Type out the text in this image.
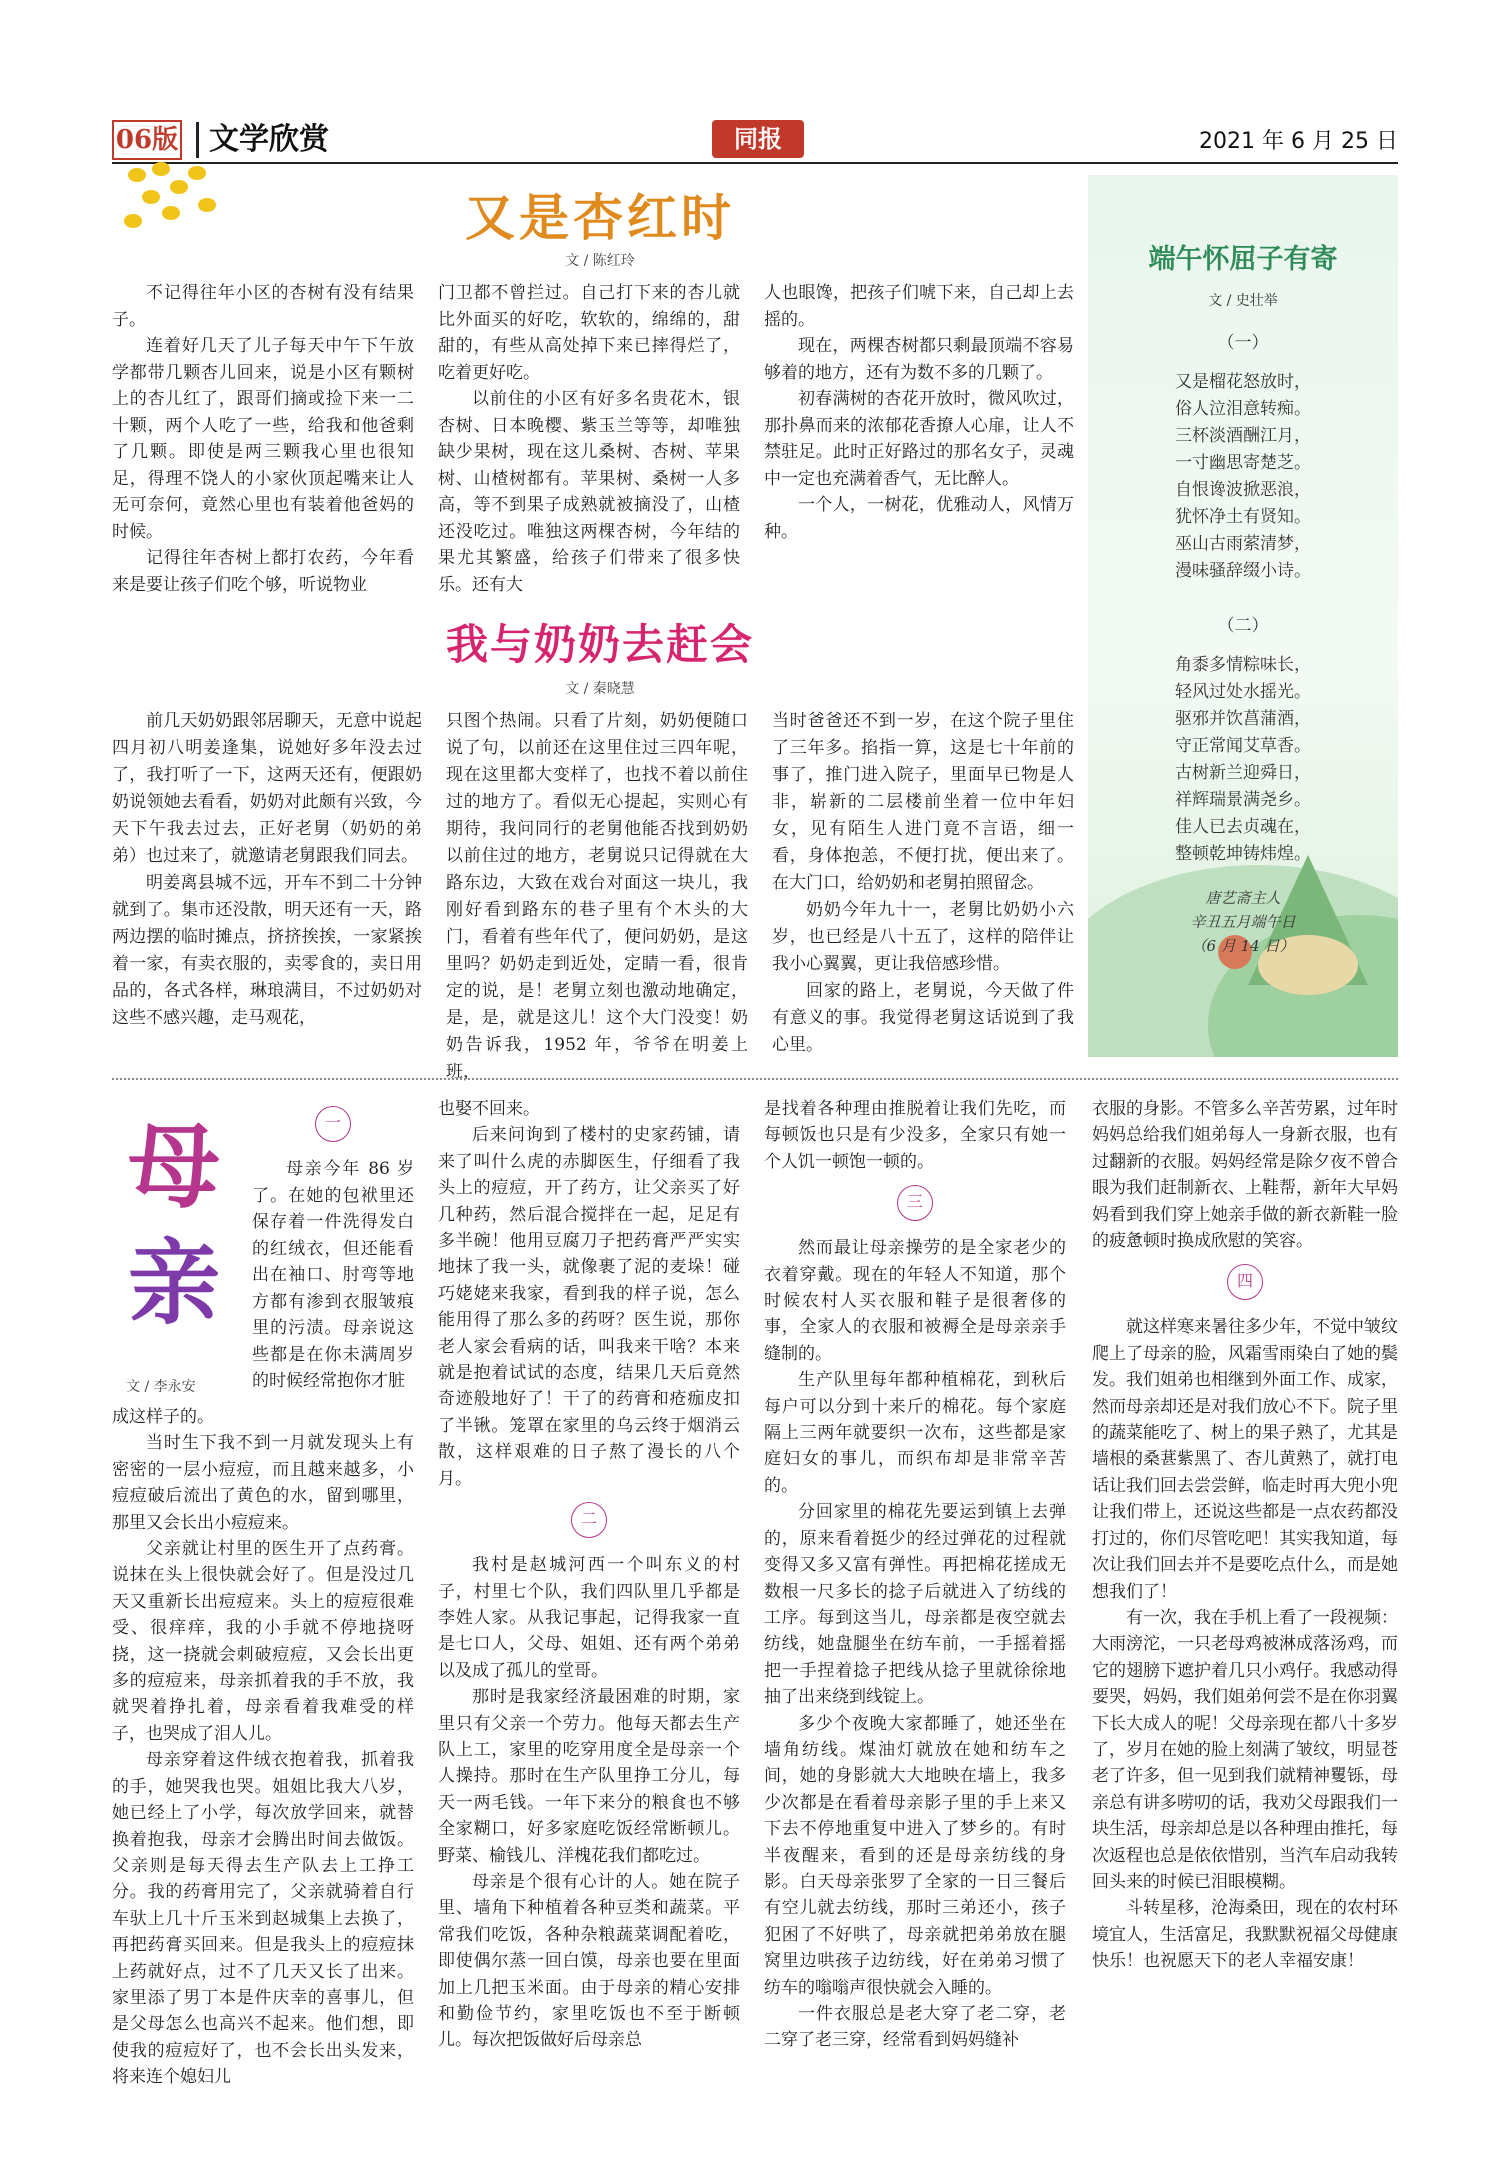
06版	文学欣赏	同报	2021 年 6 月 25 日
又是杏红时
文 / 陈红玲

不记得往年小区的杏树有没有结果子。

连着好几天了儿子每天中午下午放学都带几颗杏儿回来，说是小区有颗树上的杏儿红了，跟哥们摘或捡下来一二十颗，两个人吃了一些，给我和他爸剩了几颗。即使是两三颗我心里也很知足，得理不饶人的小家伙顶起嘴来让人无可奈何，竟然心里也有装着他爸妈的时候。

记得往年杏树上都打农药，今年看来是要让孩子们吃个够，听说物业

门卫都不曾拦过。自己打下来的杏儿就比外面买的好吃，软软的，绵绵的，甜甜的，有些从高处掉下来已摔得烂了，吃着更好吃。

以前住的小区有好多名贵花木，银杏树、日本晚樱、紫玉兰等等，却唯独缺少果树，现在这儿桑树、杏树、苹果树、山楂树都有。苹果树、桑树一人多高，等不到果子成熟就被摘没了，山楂还没吃过。唯独这两棵杏树，今年结的果尤其繁盛，给孩子们带来了很多快乐。还有大

人也眼馋，把孩子们唬下来，自己却上去摇的。

现在，两棵杏树都只剩最顶端不容易够着的地方，还有为数不多的几颗了。

初春满树的杏花开放时，微风吹过，那扑鼻而来的浓郁花香撩人心扉，让人不禁驻足。此时正好路过的那名女子，灵魂中一定也充满着香气，无比醉人。

一个人，一树花，优雅动人，风情万种。

我与奶奶去赶会
文 / 秦晓慧

前几天奶奶跟邻居聊天，无意中说起四月初八明姜逢集，说她好多年没去过了，我打听了一下，这两天还有，便跟奶奶说领她去看看，奶奶对此颇有兴致，今天下午我去过去，正好老舅（奶奶的弟弟）也过来了，就邀请老舅跟我们同去。

明姜离县城不远，开车不到二十分钟就到了。集市还没散，明天还有一天，路两边摆的临时摊点，挤挤挨挨，一家紧挨着一家，有卖衣服的，卖零食的，卖日用品的，各式各样，琳琅满目，不过奶奶对这些不感兴趣，走马观花，

只图个热闹。只看了片刻，奶奶便随口说了句，以前还在这里住过三四年呢，现在这里都大变样了，也找不着以前住过的地方了。看似无心提起，实则心有期待，我问同行的老舅他能否找到奶奶以前住过的地方，老舅说只记得就在大路东边，大致在戏台对面这一块儿，我刚好看到路东的巷子里有个木头的大门，看着有些年代了，便问奶奶，是这里吗？奶奶走到近处，定睛一看，很肯定的说，是！老舅立刻也激动地确定，是，是，就是这儿！这个大门没变！奶奶告诉我，1952 年，爷爷在明姜上班，

当时爸爸还不到一岁，在这个院子里住了三年多。掐指一算，这是七十年前的事了，推门进入院子，里面早已物是人非，崭新的二层楼前坐着一位中年妇女，见有陌生人进门竟不言语，细一看，身体抱恙，不便打扰，便出来了。在大门口，给奶奶和老舅拍照留念。

奶奶今年九十一，老舅比奶奶小六岁，也已经是八十五了，这样的陪伴让我小心翼翼，更让我倍感珍惜。

回家的路上，老舅说，今天做了件有意义的事。我觉得老舅这话说到了我心里。

端午怀屈子有寄
文 / 史壮举
（一）
又是榴花怒放时，
俗人泣泪意转痴。
三杯淡酒酬江月，
一寸幽思寄楚芝。
自恨谗波掀恶浪，
犹怀净土有贤知。
巫山古雨萦清梦，
漫味骚辞缀小诗。
（二）
角黍多情粽味长，
轻风过处水摇光。
驱邪并饮菖蒲酒，
守正常闻艾草香。
古树新兰迎舜日，
祥辉瑞景满尧乡。
佳人已去贞魂在，
整顿乾坤铸炜煌。
唐艺斋主人
辛丑五月端午日
（6 月 14 日）
母
亲
文 / 李永安
一
母亲今年 86 岁了。在她的包袱里还保存着一件洗得发白的红绒衣，但还能看出在袖口、肘弯等地方都有渗到衣服皱痕里的污渍。母亲说这些都是在你未满周岁的时候经常抱你才脏

成这样子的。

当时生下我不到一月就发现头上有密密的一层小痘痘，而且越来越多，小痘痘破后流出了黄色的水，留到哪里，那里又会长出小痘痘来。

父亲就让村里的医生开了点药膏。说抹在头上很快就会好了。但是没过几天又重新长出痘痘来。头上的痘痘很难受、很痒痒，我的小手就不停地挠呀挠，这一挠就会刺破痘痘，又会长出更多的痘痘来，母亲抓着我的手不放，我就哭着挣扎着，母亲看着我难受的样子，也哭成了泪人儿。

母亲穿着这件绒衣抱着我，抓着我的手，她哭我也哭。姐姐比我大八岁，她已经上了小学，每次放学回来，就替换着抱我，母亲才会腾出时间去做饭。父亲则是每天得去生产队去上工挣工分。我的药膏用完了，父亲就骑着自行车驮上几十斤玉米到赵城集上去换了，再把药膏买回来。但是我头上的痘痘抹上药就好点，过不了几天又长了出来。家里添了男丁本是件庆幸的喜事儿，但是父母怎么也高兴不起来。他们想，即使我的痘痘好了，也不会长出头发来，将来连个媳妇儿

也娶不回来。

后来问询到了楼村的史家药铺，请来了叫什么虎的赤脚医生，仔细看了我头上的痘痘，开了药方，让父亲买了好几种药，然后混合搅拌在一起，足足有多半碗！他用豆腐刀子把药膏严严实实地抹了我一头，就像裹了泥的麦垛！碰巧姥姥来我家，看到我的样子说，怎么能用得了那么多的药呀？医生说，那你老人家会看病的话，叫我来干啥？本来就是抱着试试的态度，结果几天后竟然奇迹般地好了！干了的药膏和疮痂皮扣了半锹。笼罩在家里的乌云终于烟消云散，这样艰难的日子熬了漫长的八个月。

二

我村是赵城河西一个叫东义的村子，村里七个队，我们四队里几乎都是李姓人家。从我记事起，记得我家一直是七口人，父母、姐姐、还有两个弟弟以及成了孤儿的堂哥。

那时是我家经济最困难的时期，家里只有父亲一个劳力。他每天都去生产队上工，家里的吃穿用度全是母亲一个人操持。那时在生产队里挣工分儿，每天一两毛钱。一年下来分的粮食也不够全家糊口，好多家庭吃饭经常断顿儿。野菜、榆钱儿、洋槐花我们都吃过。

母亲是个很有心计的人。她在院子里、墙角下种植着各种豆类和蔬菜。平常我们吃饭，各种杂粮蔬菜调配着吃，即使偶尔蒸一回白馍，母亲也要在里面加上几把玉米面。由于母亲的精心安排和勤俭节约，家里吃饭也不至于断顿儿。每次把饭做好后母亲总

是找着各种理由推脱着让我们先吃，而每顿饭也只是有少没多，全家只有她一个人饥一顿饱一顿的。

三

然而最让母亲操劳的是全家老少的衣着穿戴。现在的年轻人不知道，那个时候农村人买衣服和鞋子是很奢侈的事，全家人的衣服和被褥全是母亲亲手缝制的。

生产队里每年都种植棉花，到秋后每户可以分到十来斤的棉花。每个家庭隔上三两年就要织一次布，这些都是家庭妇女的事儿，而织布却是非常辛苦的。

分回家里的棉花先要运到镇上去弹的，原来看着挺少的经过弹花的过程就变得又多又富有弹性。再把棉花搓成无数根一尺多长的捻子后就进入了纺线的工序。每到这当儿，母亲都是夜空就去纺线，她盘腿坐在纺车前，一手摇着摇把一手捏着捻子把线从捻子里就徐徐地抽了出来绕到线锭上。

多少个夜晚大家都睡了，她还坐在墙角纺线。煤油灯就放在她和纺车之间，她的身影就大大地映在墙上，我多少次都是在看着母亲影子里的手上来又下去不停地重复中进入了梦乡的。有时半夜醒来，看到的还是母亲纺线的身影。白天母亲张罗了全家的一日三餐后有空儿就去纺线，那时三弟还小，孩子犯困了不好哄了，母亲就把弟弟放在腿窝里边哄孩子边纺线，好在弟弟习惯了纺车的嗡嗡声很快就会入睡的。

一件衣服总是老大穿了老二穿，老二穿了老三穿，经常看到妈妈缝补

衣服的身影。不管多么辛苦劳累，过年时妈妈总给我们姐弟每人一身新衣服，也有过翻新的衣服。妈妈经常是除夕夜不曾合眼为我们赶制新衣、上鞋帮，新年大早妈妈看到我们穿上她亲手做的新衣新鞋一脸的疲惫顿时换成欣慰的笑容。

四

就这样寒来暑往多少年，不觉中皱纹爬上了母亲的脸，风霜雪雨染白了她的鬓发。我们姐弟也相继到外面工作、成家，然而母亲却还是对我们放心不下。院子里的蔬菜能吃了、树上的果子熟了，尤其是墙根的桑葚紫黑了、杏儿黄熟了，就打电话让我们回去尝尝鲜，临走时再大兜小兜让我们带上，还说这些都是一点农药都没打过的，你们尽管吃吧！其实我知道，每次让我们回去并不是要吃点什么，而是她想我们了！

有一次，我在手机上看了一段视频：大雨滂沱，一只老母鸡被淋成落汤鸡，而它的翅膀下遮护着几只小鸡仔。我感动得要哭，妈妈，我们姐弟何尝不是在你羽翼下长大成人的呢！父母亲现在都八十多岁了，岁月在她的脸上刻满了皱纹，明显苍老了许多，但一见到我们就精神矍铄，母亲总有讲多唠叨的话，我劝父母跟我们一块生活，母亲却总是以各种理由推托，每次返程也总是依依惜别，当汽车启动我转回头来的时候已泪眼模糊。

斗转星移，沧海桑田，现在的农村环境宜人，生活富足，我默默祝福父母健康快乐！也祝愿天下的老人幸福安康！
